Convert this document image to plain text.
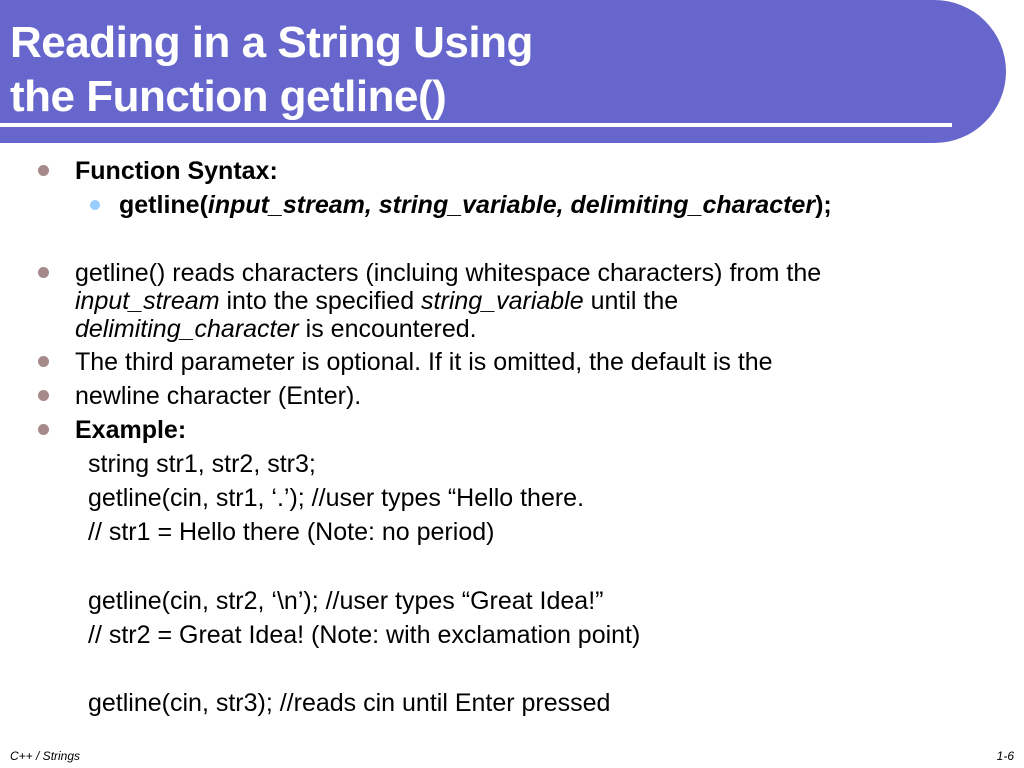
Reading in a String Using
the Function getline()
Function Syntax:
getline(input_stream, string_variable, delimiting_character);
getline() reads characters (incluing whitespace characters) from the
input_stream into the specified string_variable until the
delimiting_character is encountered.
The third parameter is optional. If it is omitted, the default is the
newline character (Enter).
Example:
string str1, str2, str3;
getline(cin, str1, ‘.’); //user types “Hello there.
// str1 = Hello there (Note: no period)
getline(cin, str2, ‘\n’); //user types “Great Idea!”
// str2 = Great Idea! (Note: with exclamation point)
getline(cin, str3); //reads cin until Enter pressed
C++ / Strings	1-6
